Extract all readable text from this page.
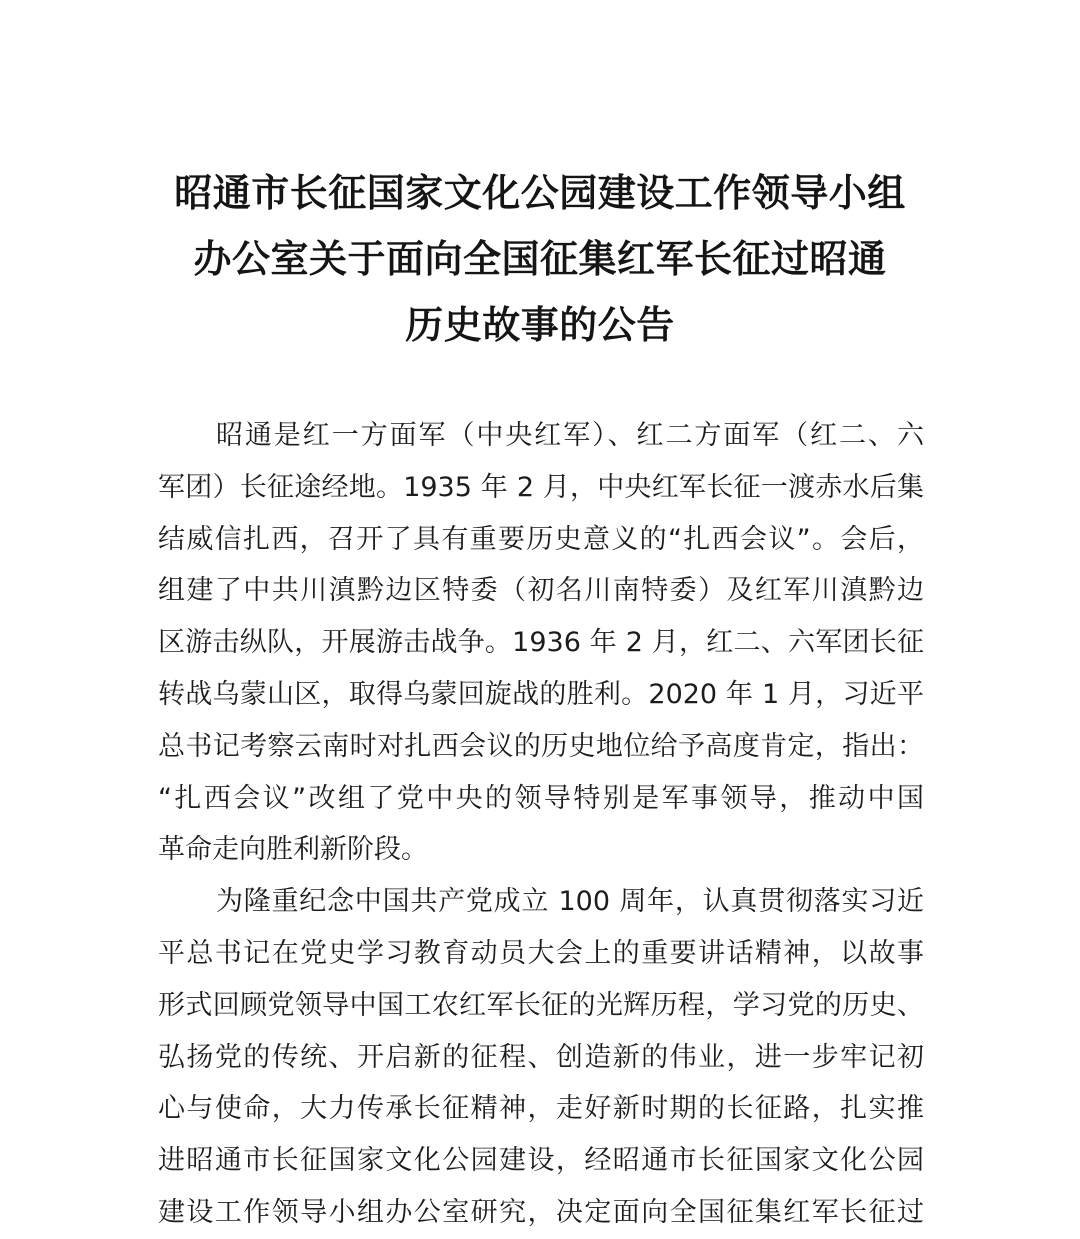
昭通市长征国家文化公园建设工作领导小组
办公室关于面向全国征集红军长征过昭通
历史故事的公告
昭通是红一方面军（中央红军）、红二方面军（红二、六
军团）长征途经地。1935 年 2 月，中央红军长征一渡赤水后集
结威信扎西，召开了具有重要历史意义的“扎西会议”。会后，
组建了中共川滇黔边区特委（初名川南特委）及红军川滇黔边
区游击纵队，开展游击战争。1936 年 2 月，红二、六军团长征
转战乌蒙山区，取得乌蒙回旋战的胜利。2020 年 1 月，习近平
总书记考察云南时对扎西会议的历史地位给予高度肯定，指出：
“扎西会议”改组了党中央的领导特别是军事领导，推动中国
革命走向胜利新阶段。
为隆重纪念中国共产党成立 100 周年，认真贯彻落实习近
平总书记在党史学习教育动员大会上的重要讲话精神，以故事
形式回顾党领导中国工农红军长征的光辉历程，学习党的历史、
弘扬党的传统、开启新的征程、创造新的伟业，进一步牢记初
心与使命，大力传承长征精神，走好新时期的长征路，扎实推
进昭通市长征国家文化公园建设，经昭通市长征国家文化公园
建设工作领导小组办公室研究，决定面向全国征集红军长征过
